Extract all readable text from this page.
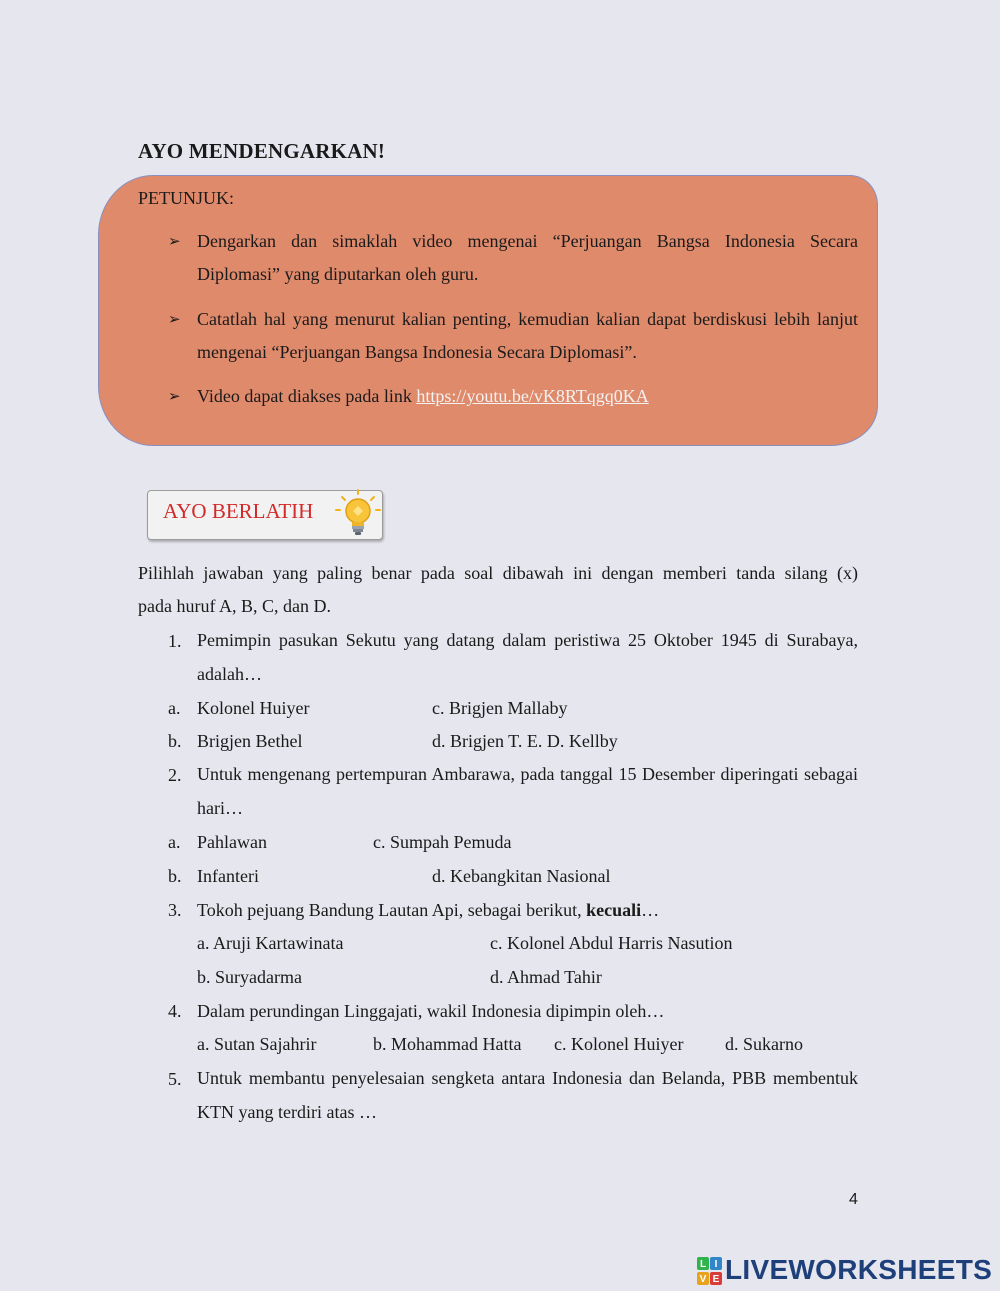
AYO MENDENGARKAN!
PETUNJUK:
➢ Dengarkan dan simaklah video mengenai “Perjuangan Bangsa Indonesia Secara Diplomasi” yang diputarkan oleh guru.
➢ Catatlah hal yang menurut kalian penting, kemudian kalian dapat berdiskusi lebih lanjut mengenai “Perjuangan Bangsa Indonesia Secara Diplomasi”.
➢ Video dapat diakses pada link https://youtu.be/vK8RTqgq0KA
AYO BERLATIH
Pilihlah jawaban yang paling benar pada soal dibawah ini dengan memberi tanda silang (x)
pada huruf A, B, C, dan D.
1. Pemimpin pasukan Sekutu yang datang dalam peristiwa 25 Oktober 1945 di Surabaya, adalah…
a. Kolonel Huiyer	c. Brigjen Mallaby
b. Brigjen Bethel	d. Brigjen T. E. D. Kellby
2. Untuk mengenang pertempuran Ambarawa, pada tanggal 15 Desember diperingati sebagai hari…
a. Pahlawan	c. Sumpah Pemuda
b. Infanteri	d. Kebangkitan Nasional
3. Tokoh pejuang Bandung Lautan Api, sebagai berikut, kecuali…
a. Aruji Kartawinata	c. Kolonel Abdul Harris Nasution
b. Suryadarma	d. Ahmad Tahir
4. Dalam perundingan Linggajati, wakil Indonesia dipimpin oleh…
a. Sutan Sajahrir	b. Mohammad Hatta c. Kolonel Huiyer d. Sukarno
5. Untuk membantu penyelesaian sengketa antara Indonesia dan Belanda, PBB membentuk KTN yang terdiri atas …
4
L I
V E LIVEWORKSHEETS
